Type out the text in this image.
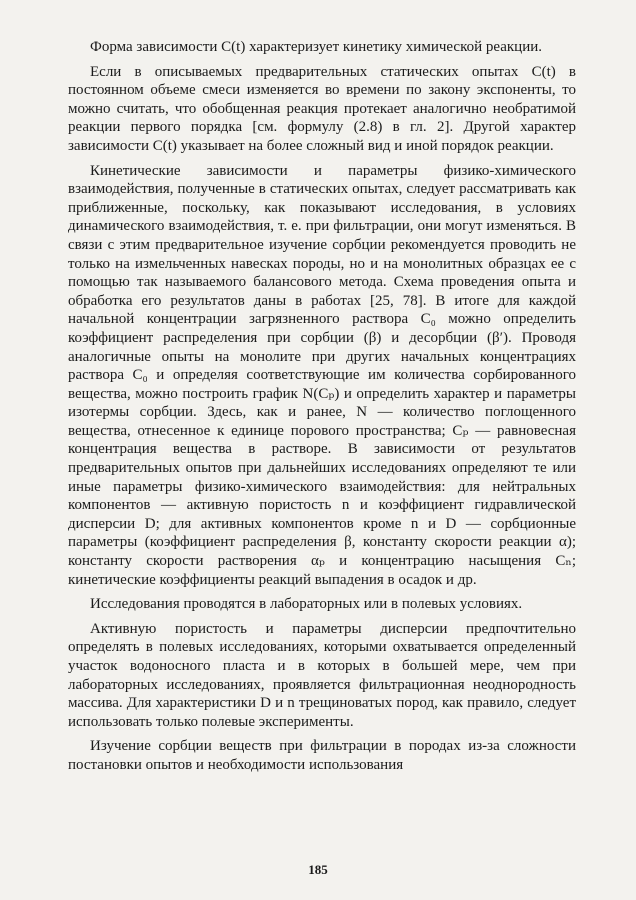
Форма зависимости C(t) характеризует кинетику химической реакции.

Если в описываемых предварительных статических опытах C(t) в постоянном объеме смеси изменяется во времени по закону экспоненты, то можно считать, что обобщенная реакция протекает аналогично необратимой реакции первого порядка [см. формулу (2.8) в гл. 2]. Другой характер зависимости C(t) указывает на более сложный вид и иной порядок реакции.

Кинетические зависимости и параметры физико-химического взаимодействия, полученные в статических опытах, следует рассматривать как приближенные, поскольку, как показывают исследования, в условиях динамического взаимодействия, т. е. при фильтрации, они могут изменяться. В связи с этим предварительное изучение сорбции рекомендуется проводить не только на измельченных навесках породы, но и на монолитных образцах ее с помощью так называемого балансового метода. Схема проведения опыта и обработка его результатов даны в работах [25, 78]. В итоге для каждой начальной концентрации загрязненного раствора C₀ можно определить коэффициент распределения при сорбции (β) и десорбции (β′). Проводя аналогичные опыты на монолите при других начальных концентрациях раствора C₀ и определяя соответствующие им количества сорбированного вещества, можно построить график N(Cₚ) и определить характер и параметры изотермы сорбции. Здесь, как и ранее, N — количество поглощенного вещества, отнесенное к единице порового пространства; Cₚ — равновесная концентрация вещества в растворе. В зависимости от результатов предварительных опытов при дальнейших исследованиях определяют те или иные параметры физико-химического взаимодействия: для нейтральных компонентов — активную пористость n и коэффициент гидравлической дисперсии D; для активных компонентов кроме n и D — сорбционные параметры (коэффициент распределения β, константу скорости реакции α); константу скорости растворения αₚ и концентрацию насыщения Cₙ; кинетические коэффициенты реакций выпадения в осадок и др.

Исследования проводятся в лабораторных или в полевых условиях.

Активную пористость и параметры дисперсии предпочтительно определять в полевых исследованиях, которыми охватывается определенный участок водоносного пласта и в которых в большей мере, чем при лабораторных исследованиях, проявляется фильтрационная неоднородность массива. Для характеристики D и n трещиноватых пород, как правило, следует использовать только полевые эксперименты.

Изучение сорбции веществ при фильтрации в породах из-за сложности постановки опытов и необходимости использования

185
